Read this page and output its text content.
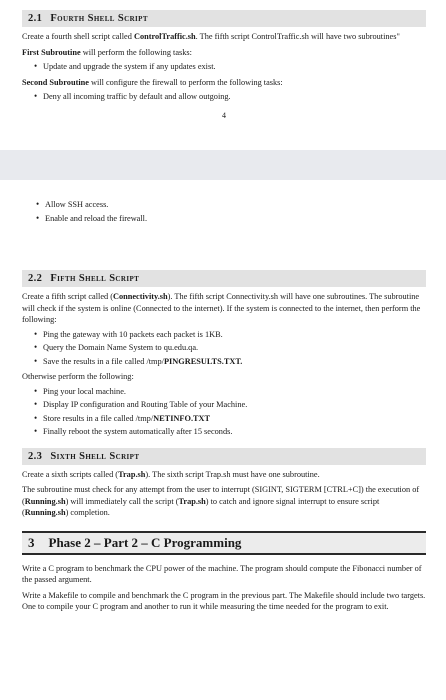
2.1 Fourth Shell Script

Create a fourth shell script called ControlTraffic.sh. The fifth script ControlTraffic.sh will have two subroutines"

First Subroutine will perform the following tasks:

• Update and upgrade the system if any updates exist.

Second Subroutine will configure the firewall to perform the following tasks:

• Deny all incoming traffic by default and allow outgoing.
4
• Allow SSH access.
• Enable and reload the firewall.
2.2 Fifth Shell Script

Create a fifth script called (Connectivity.sh). The fifth script Connectivity.sh will have one subroutines. The subroutine will check if the system is online (Connected to the internet). If the system is connected to the internet, then perform the following:

• Ping the gateway with 10 packets each packet is 1KB.
• Query the Domain Name System to qu.edu.qa.
• Save the results in a file called /tmp/PINGRESULTS.TXT.

Otherwise perform the following:

• Ping your local machine.
• Display IP configuration and Routing Table of your Machine.
• Store results in a file called /tmp/NETINFO.TXT
• Finally reboot the system automatically after 15 seconds.
2.3 Sixth Shell Script

Create a sixth scripts called (Trap.sh). The sixth script Trap.sh must have one subroutine.

The subroutine must check for any attempt from the user to interrupt (SIGINT, SIGTERM [CTRL+C]) the execution of (Running.sh) will immediately call the script (Trap.sh) to catch and ignore signal interrupt to ensure script (Running.sh) completion.

3 Phase 2 – Part 2 – C Programming

Write a C program to benchmark the CPU power of the machine. The program should compute the Fibonacci number of the passed argument.

Write a Makefile to compile and benchmark the C program in the previous part. The Makefile should include two targets. One to compile your C program and another to run it while measuring the time needed for the program to exit.
